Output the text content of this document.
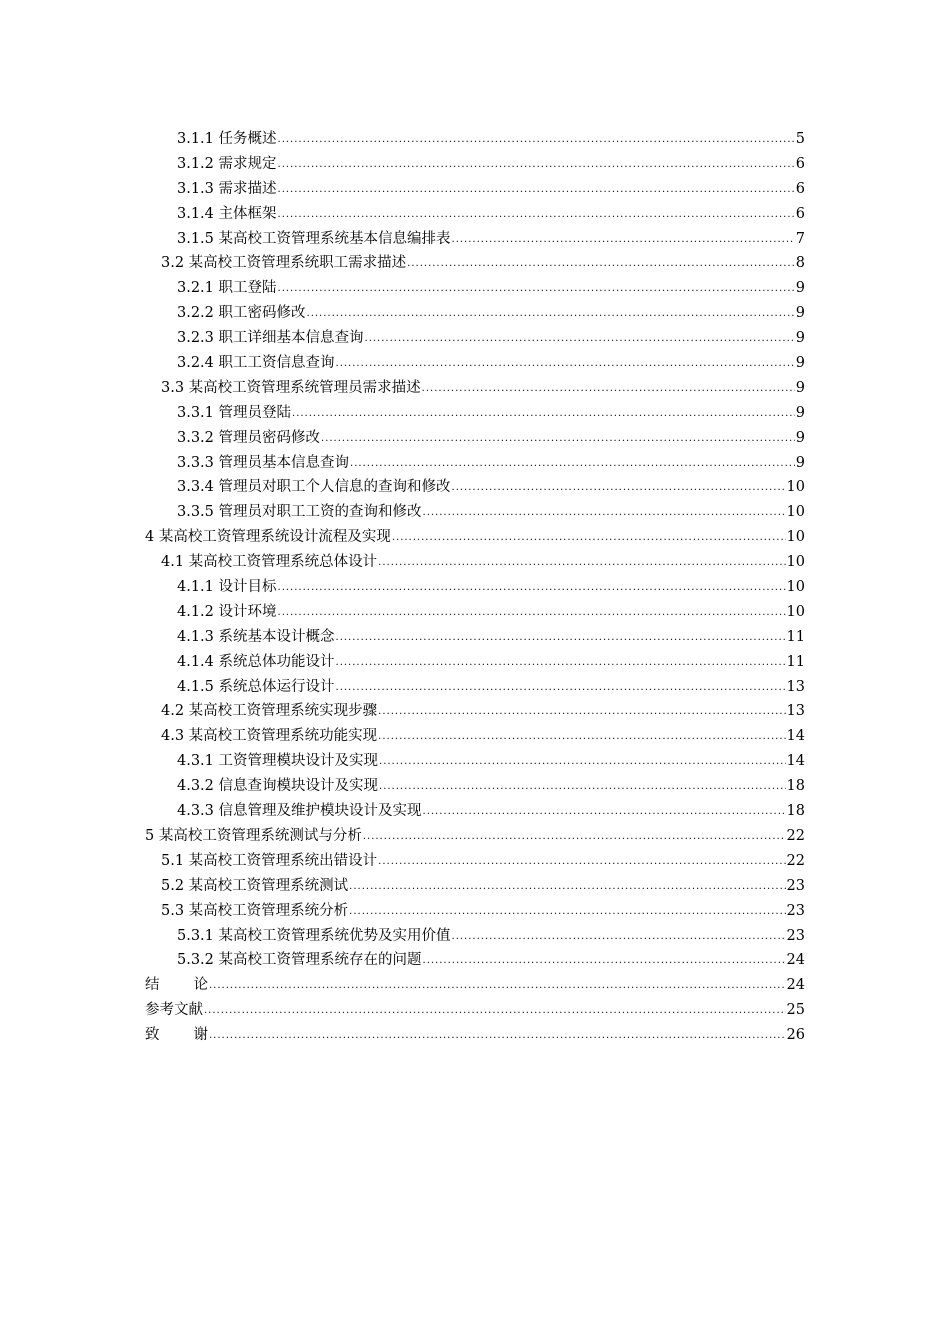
3.1.1 任务概述 .....	5
3.1.2 需求规定 .....	6
3.1.3 需求描述 .....	6
3.1.4 主体框架 .....	6
3.1.5 某高校工资管理系统基本信息编排表 .....	7
3.2 某高校工资管理系统职工需求描述 .....	8
3.2.1 职工登陆 .....	9
3.2.2 职工密码修改 .....	9
3.2.3 职工详细基本信息查询 .....	9
3.2.4 职工工资信息查询 .....	9
3.3 某高校工资管理系统管理员需求描述 .....	9
3.3.1 管理员登陆 .....	9
3.3.2 管理员密码修改 .....	9
3.3.3 管理员基本信息查询 .....	9
3.3.4 管理员对职工个人信息的查询和修改 .....	10
3.3.5 管理员对职工工资的查询和修改 .....	10
4 某高校工资管理系统设计流程及实现 .....	10
4.1 某高校工资管理系统总体设计 .....	10
4.1.1 设计目标 .....	10
4.1.2 设计环境 .....	10
4.1.3 系统基本设计概念 .....	11
4.1.4 系统总体功能设计 .....	11
4.1.5 系统总体运行设计 .....	13
4.2 某高校工资管理系统实现步骤 .....	13
4.3 某高校工资管理系统功能实现 .....	14
4.3.1 工资管理模块设计及实现 .....	14
4.3.2 信息查询模块设计及实现 .....	18
4.3.3 信息管理及维护模块设计及实现 .....	18
5 某高校工资管理系统测试与分析 .....	22
5.1 某高校工资管理系统出错设计 .....	22
5.2 某高校工资管理系统测试 .....	23
5.3 某高校工资管理系统分析 .....	23
5.3.1 某高校工资管理系统优势及实用价值 .....	23
5.3.2 某高校工资管理系统存在的问题 .....	24
结 论 .....	24
参考文献 .....	25
致 谢 .....	26
